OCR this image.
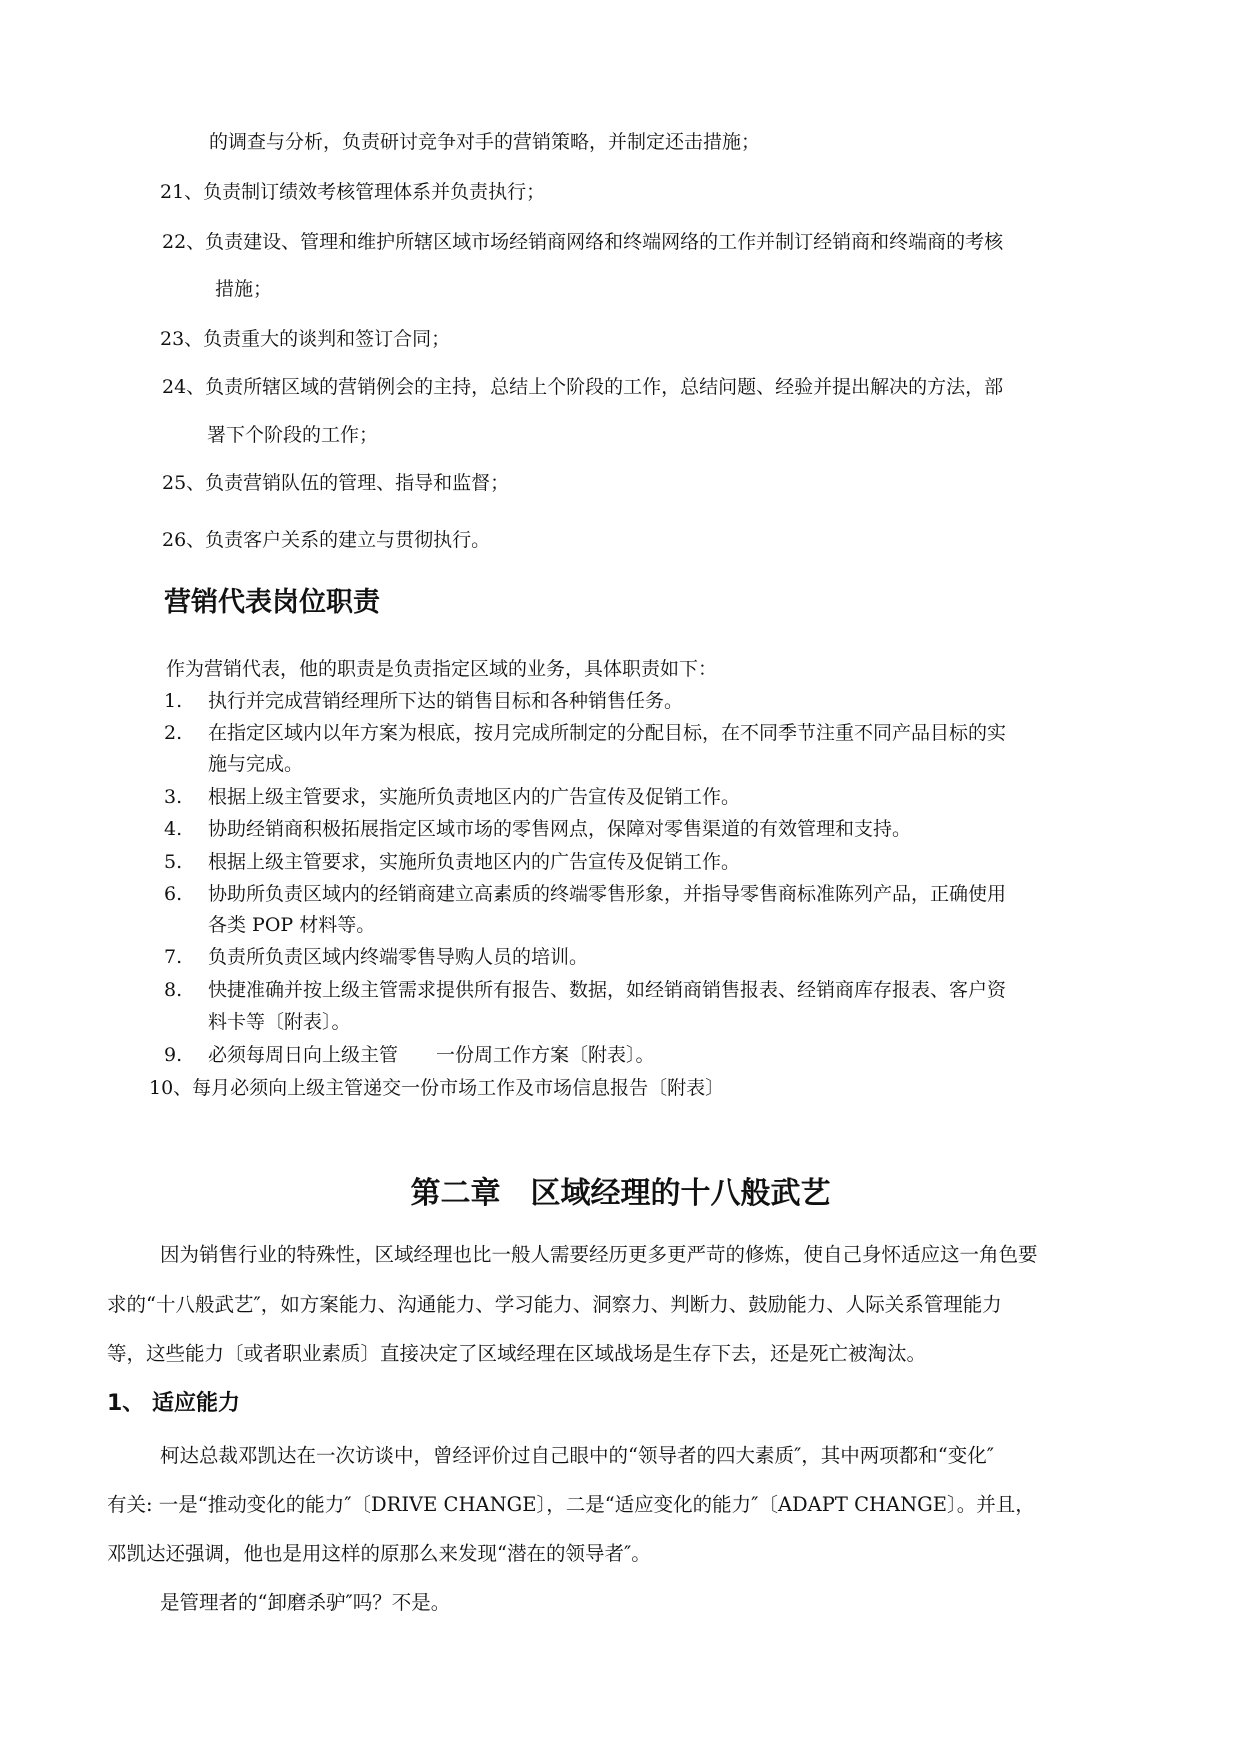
的调查与分析，负责研讨竞争对手的营销策略，并制定还击措施；
21、负责制订绩效考核管理体系并负责执行；
22、负责建设、管理和维护所辖区域市场经销商网络和终端网络的工作并制订经销商和终端商的考核
措施；
23、负责重大的谈判和签订合同；
24、负责所辖区域的营销例会的主持，总结上个阶段的工作，总结问题、经验并提出解决的方法，部
署下个阶段的工作；
25、负责营销队伍的管理、指导和监督；
26、负责客户关系的建立与贯彻执行。
营销代表岗位职责
作为营销代表，他的职责是负责指定区域的业务，具体职责如下：
1. 执行并完成营销经理所下达的销售目标和各种销售任务。
2. 在指定区域内以年方案为根底，按月完成所制定的分配目标，在不同季节注重不同产品目标的实
施与完成。
3. 根据上级主管要求，实施所负责地区内的广告宣传及促销工作。
4. 协助经销商积极拓展指定区域市场的零售网点，保障对零售渠道的有效管理和支持。
5. 根据上级主管要求，实施所负责地区内的广告宣传及促销工作。
6. 协助所负责区域内的经销商建立高素质的终端零售形象，并指导零售商标准陈列产品，正确使用
各类 POP 材料等。
7. 负责所负责区域内终端零售导购人员的培训。
8. 快捷准确并按上级主管需求提供所有报告、数据，如经销商销售报表、经销商库存报表、客户资
料卡等〔附表〕。
9. 必须每周日向上级主管　　一份周工作方案〔附表〕。
10、每月必须向上级主管递交一份市场工作及市场信息报告〔附表〕
第二章　区域经理的十八般武艺
因为销售行业的特殊性，区域经理也比一般人需要经历更多更严苛的修炼，使自己身怀适应这一角色要
求的“十八般武艺″，如方案能力、沟通能力、学习能力、洞察力、判断力、鼓励能力、人际关系管理能力
等，这些能力〔或者职业素质〕直接决定了区域经理在区域战场是生存下去，还是死亡被淘汰。
1、 适应能力
柯达总裁邓凯达在一次访谈中，曾经评价过自己眼中的“领导者的四大素质″，其中两项都和“变化″
有关: 一是“推动变化的能力″〔DRIVE CHANGE〕，二是“适应变化的能力″〔ADAPT CHANGE〕。并且，
邓凯达还强调，他也是用这样的原那么来发现“潜在的领导者″。
是管理者的“卸磨杀驴″吗？不是。
